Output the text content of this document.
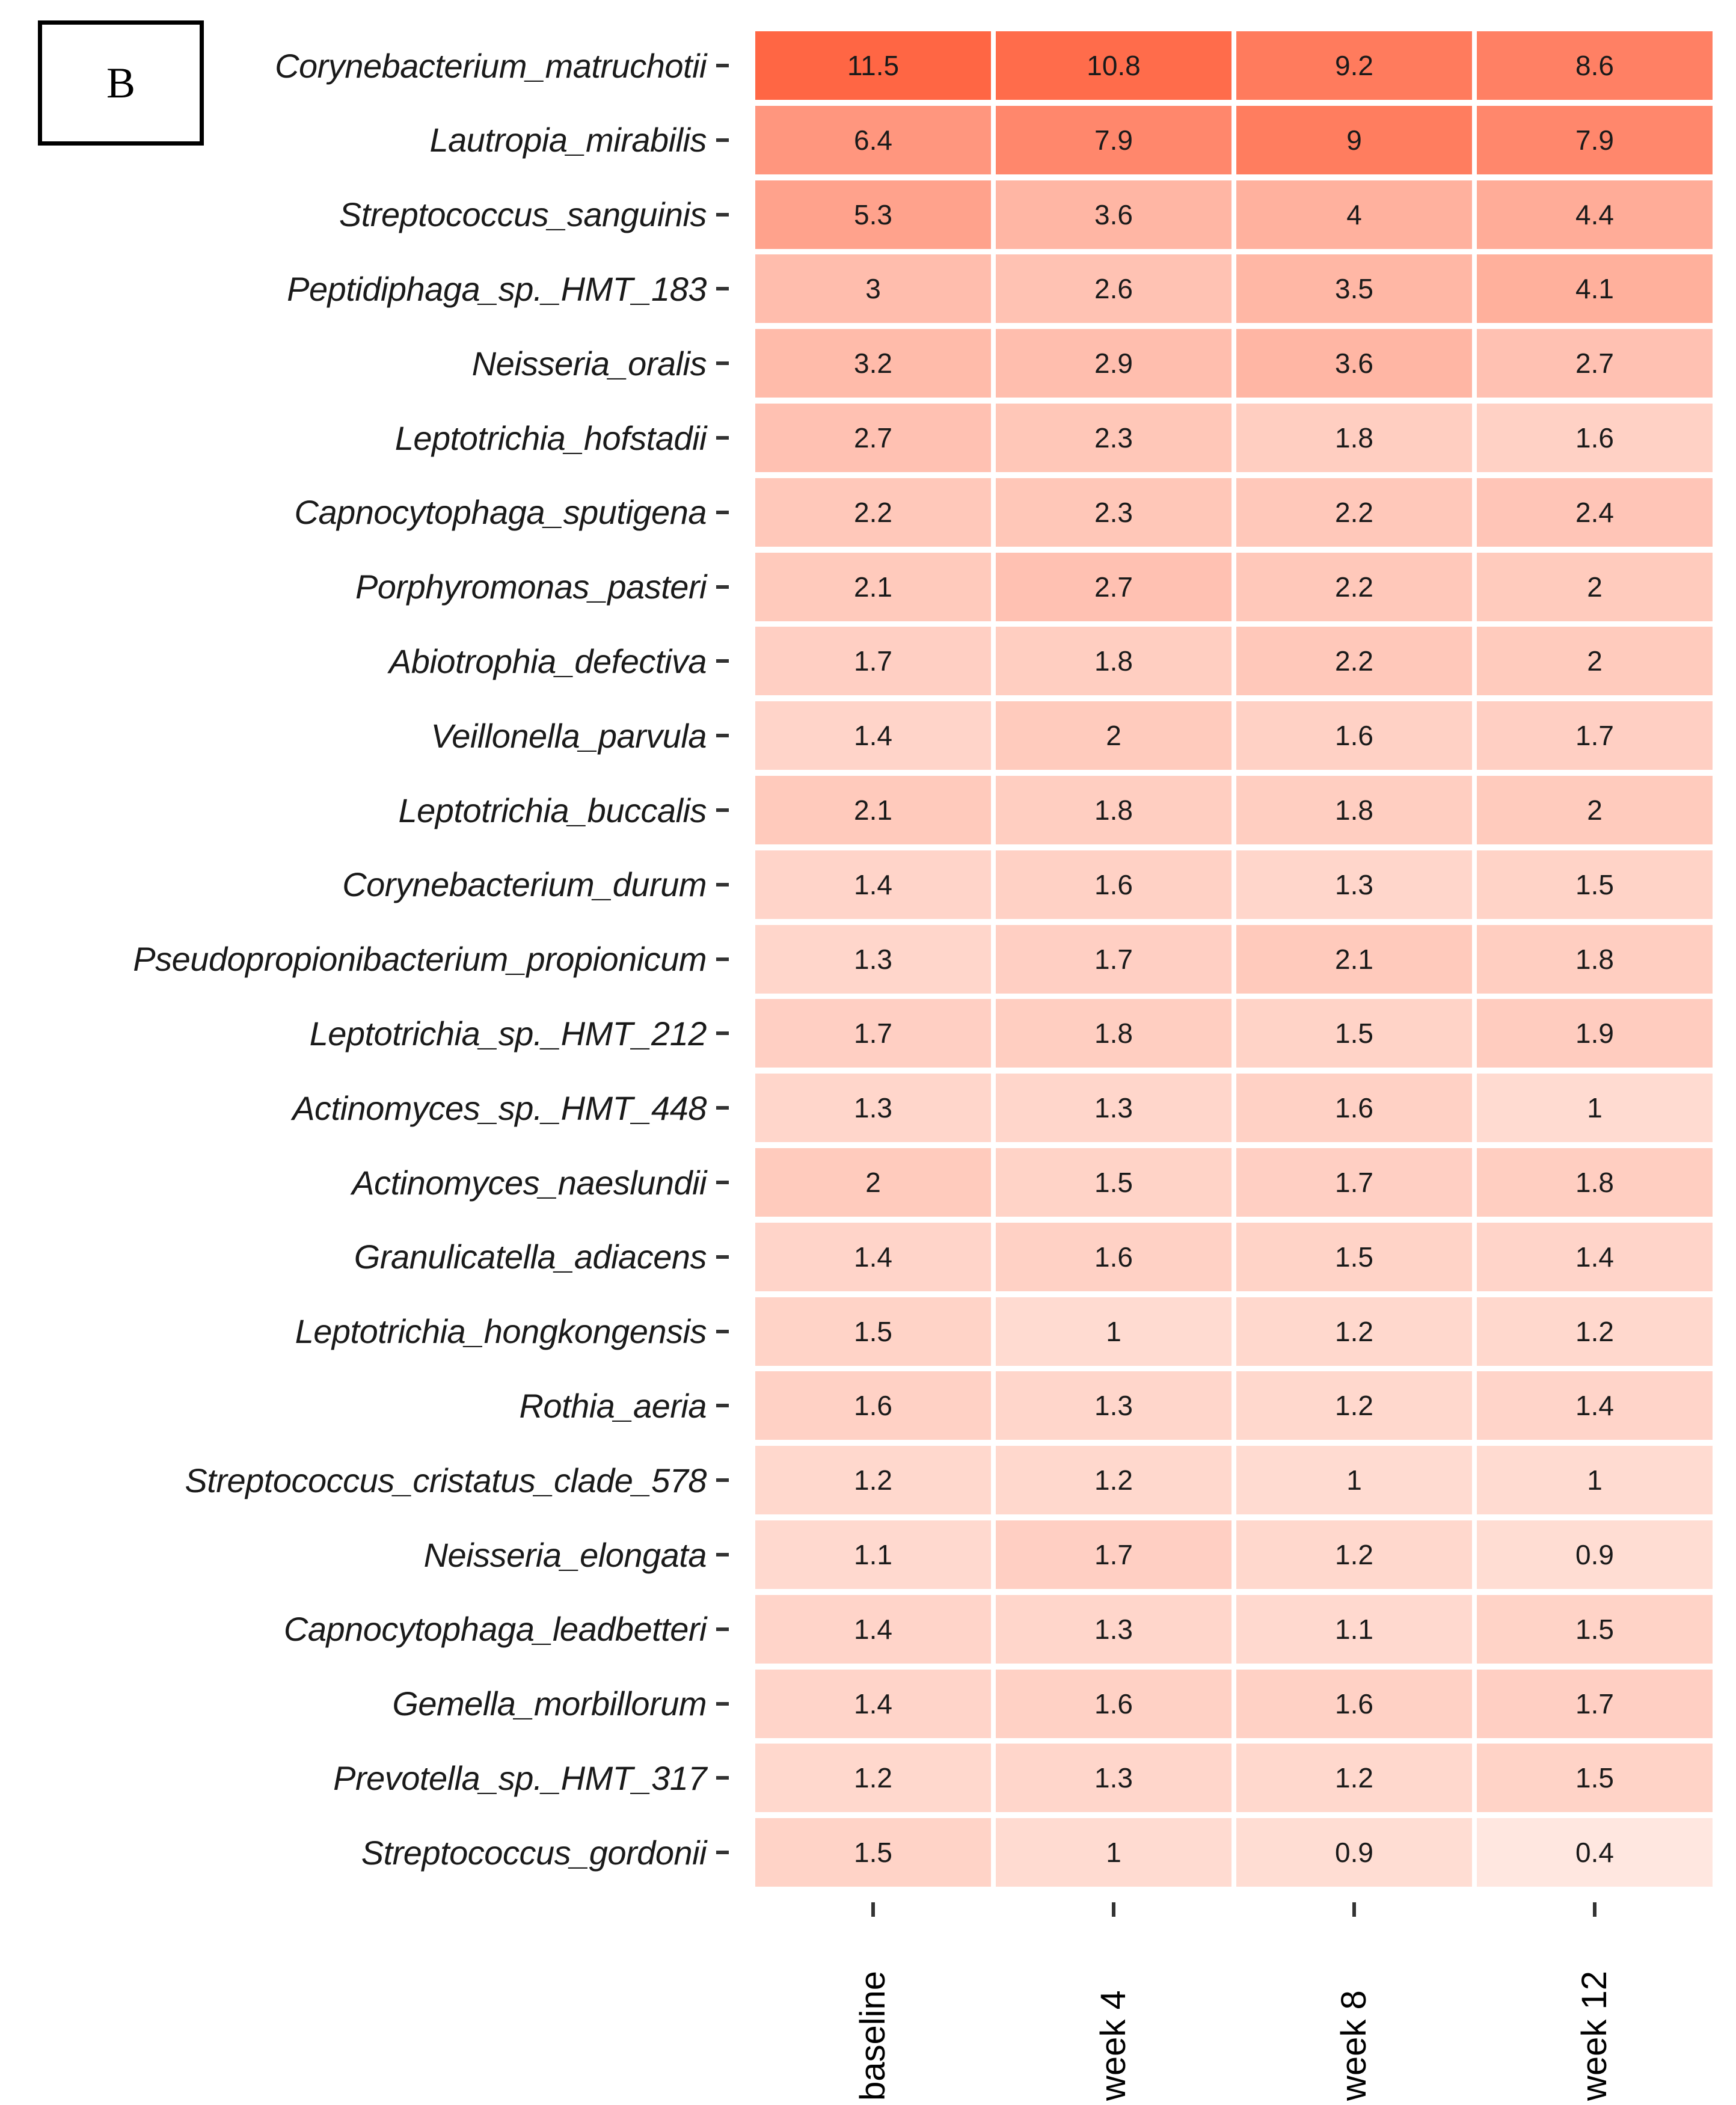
B	Corynebacterium_matruchotii	11.5	10.8	9.2	8.6
Lautropia_mirabilis	6.4	7.9	9	7.9
Streptococcus_sanguinis	5.3	3.6	4	4.4
Peptidiphaga_sp._HMT_183	3	2.6	3.5	4.1
Neisseria_oralis	3.2	2.9	3.6	2.7
Leptotrichia_hofstadii	2.7	2.3	1.8	1.6
Capnocytophaga_sputigena	2.2	2.3	2.2	2.4
Porphyromonas_pasteri	2.1	2.7	2.2	2
Abiotrophia_defectiva	1.7	1.8	2.2	2
Veillonella_parvula	1.4	2	1.6	1.7
Leptotrichia_buccalis	2.1	1.8	1.8	2
Corynebacterium_durum	1.4	1.6	1.3	1.5
Pseudopropionibacterium_propionicum	1.3	1.7	2.1	1.8
Leptotrichia_sp._HMT_212	1.7	1.8	1.5	1.9
Actinomyces_sp._HMT_448	1.3	1.3	1.6	1
Actinomyces_naeslundii	2	1.5	1.7	1.8
Granulicatella_adiacens	1.4	1.6	1.5	1.4
Leptotrichia_hongkongensis	1.5	1	1.2	1.2
Rothia_aeria	1.6	1.3	1.2	1.4
Streptococcus_cristatus_clade_578	1.2	1.2	1	1
Neisseria_elongata	1.1	1.7	1.2	0.9
Capnocytophaga_leadbetteri	1.4	1.3	1.1	1.5
Gemella_morbillorum	1.4	1.6	1.6	1.7
Prevotella_sp._HMT_317	1.2	1.3	1.2	1.5
Streptococcus_gordonii	1.5	1	0.9	0.4
baseline	week 4	week 8	week 12
